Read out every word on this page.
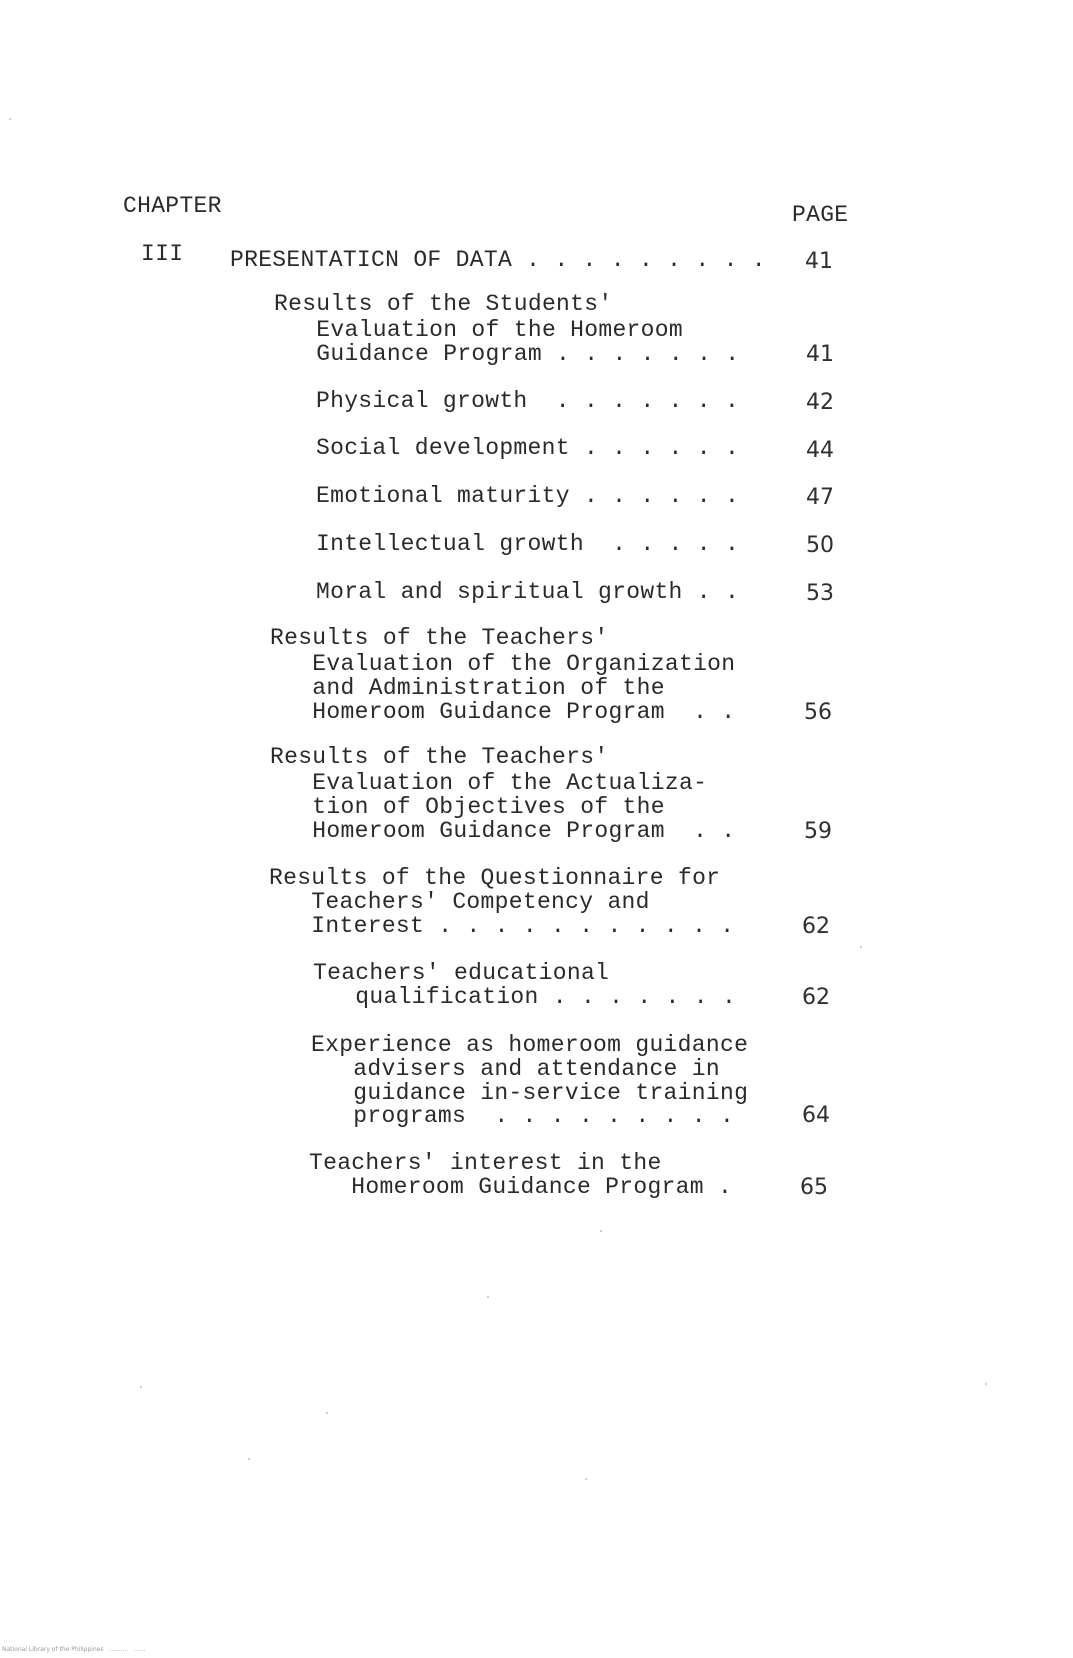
CHAPTER	PAGE
III PRESENTATICN OF DATA . . . . . . . . . 41
Results of the Students'
Evaluation of the Homeroom
Guidance Program . . . . . . .	41
Physical growth  . . . . . . .	42
Social development . . . . . .	44
Emotional maturity . . . . . .	47
Intellectual growth  . . . . .	50
Moral and spiritual growth . .	53
Results of the Teachers'
Evaluation of the Organization
and Administration of the
Homeroom Guidance Program  . .	56
Results of the Teachers'
Evaluation of the Actualiza-
tion of Objectives of the
Homeroom Guidance Program  . .	59
Results of the Questionnaire for
Teachers' Competency and
Interest . . . . . . . . . . .	62
Teachers' educational
qualification . . . . . . .	62
Experience as homeroom guidance
advisers and attendance in
guidance in-service training
programs  . . . . . . . . .	64
Teachers' interest in the
Homeroom Guidance Program .	65
National Library of the Philippines   ..........   ......
